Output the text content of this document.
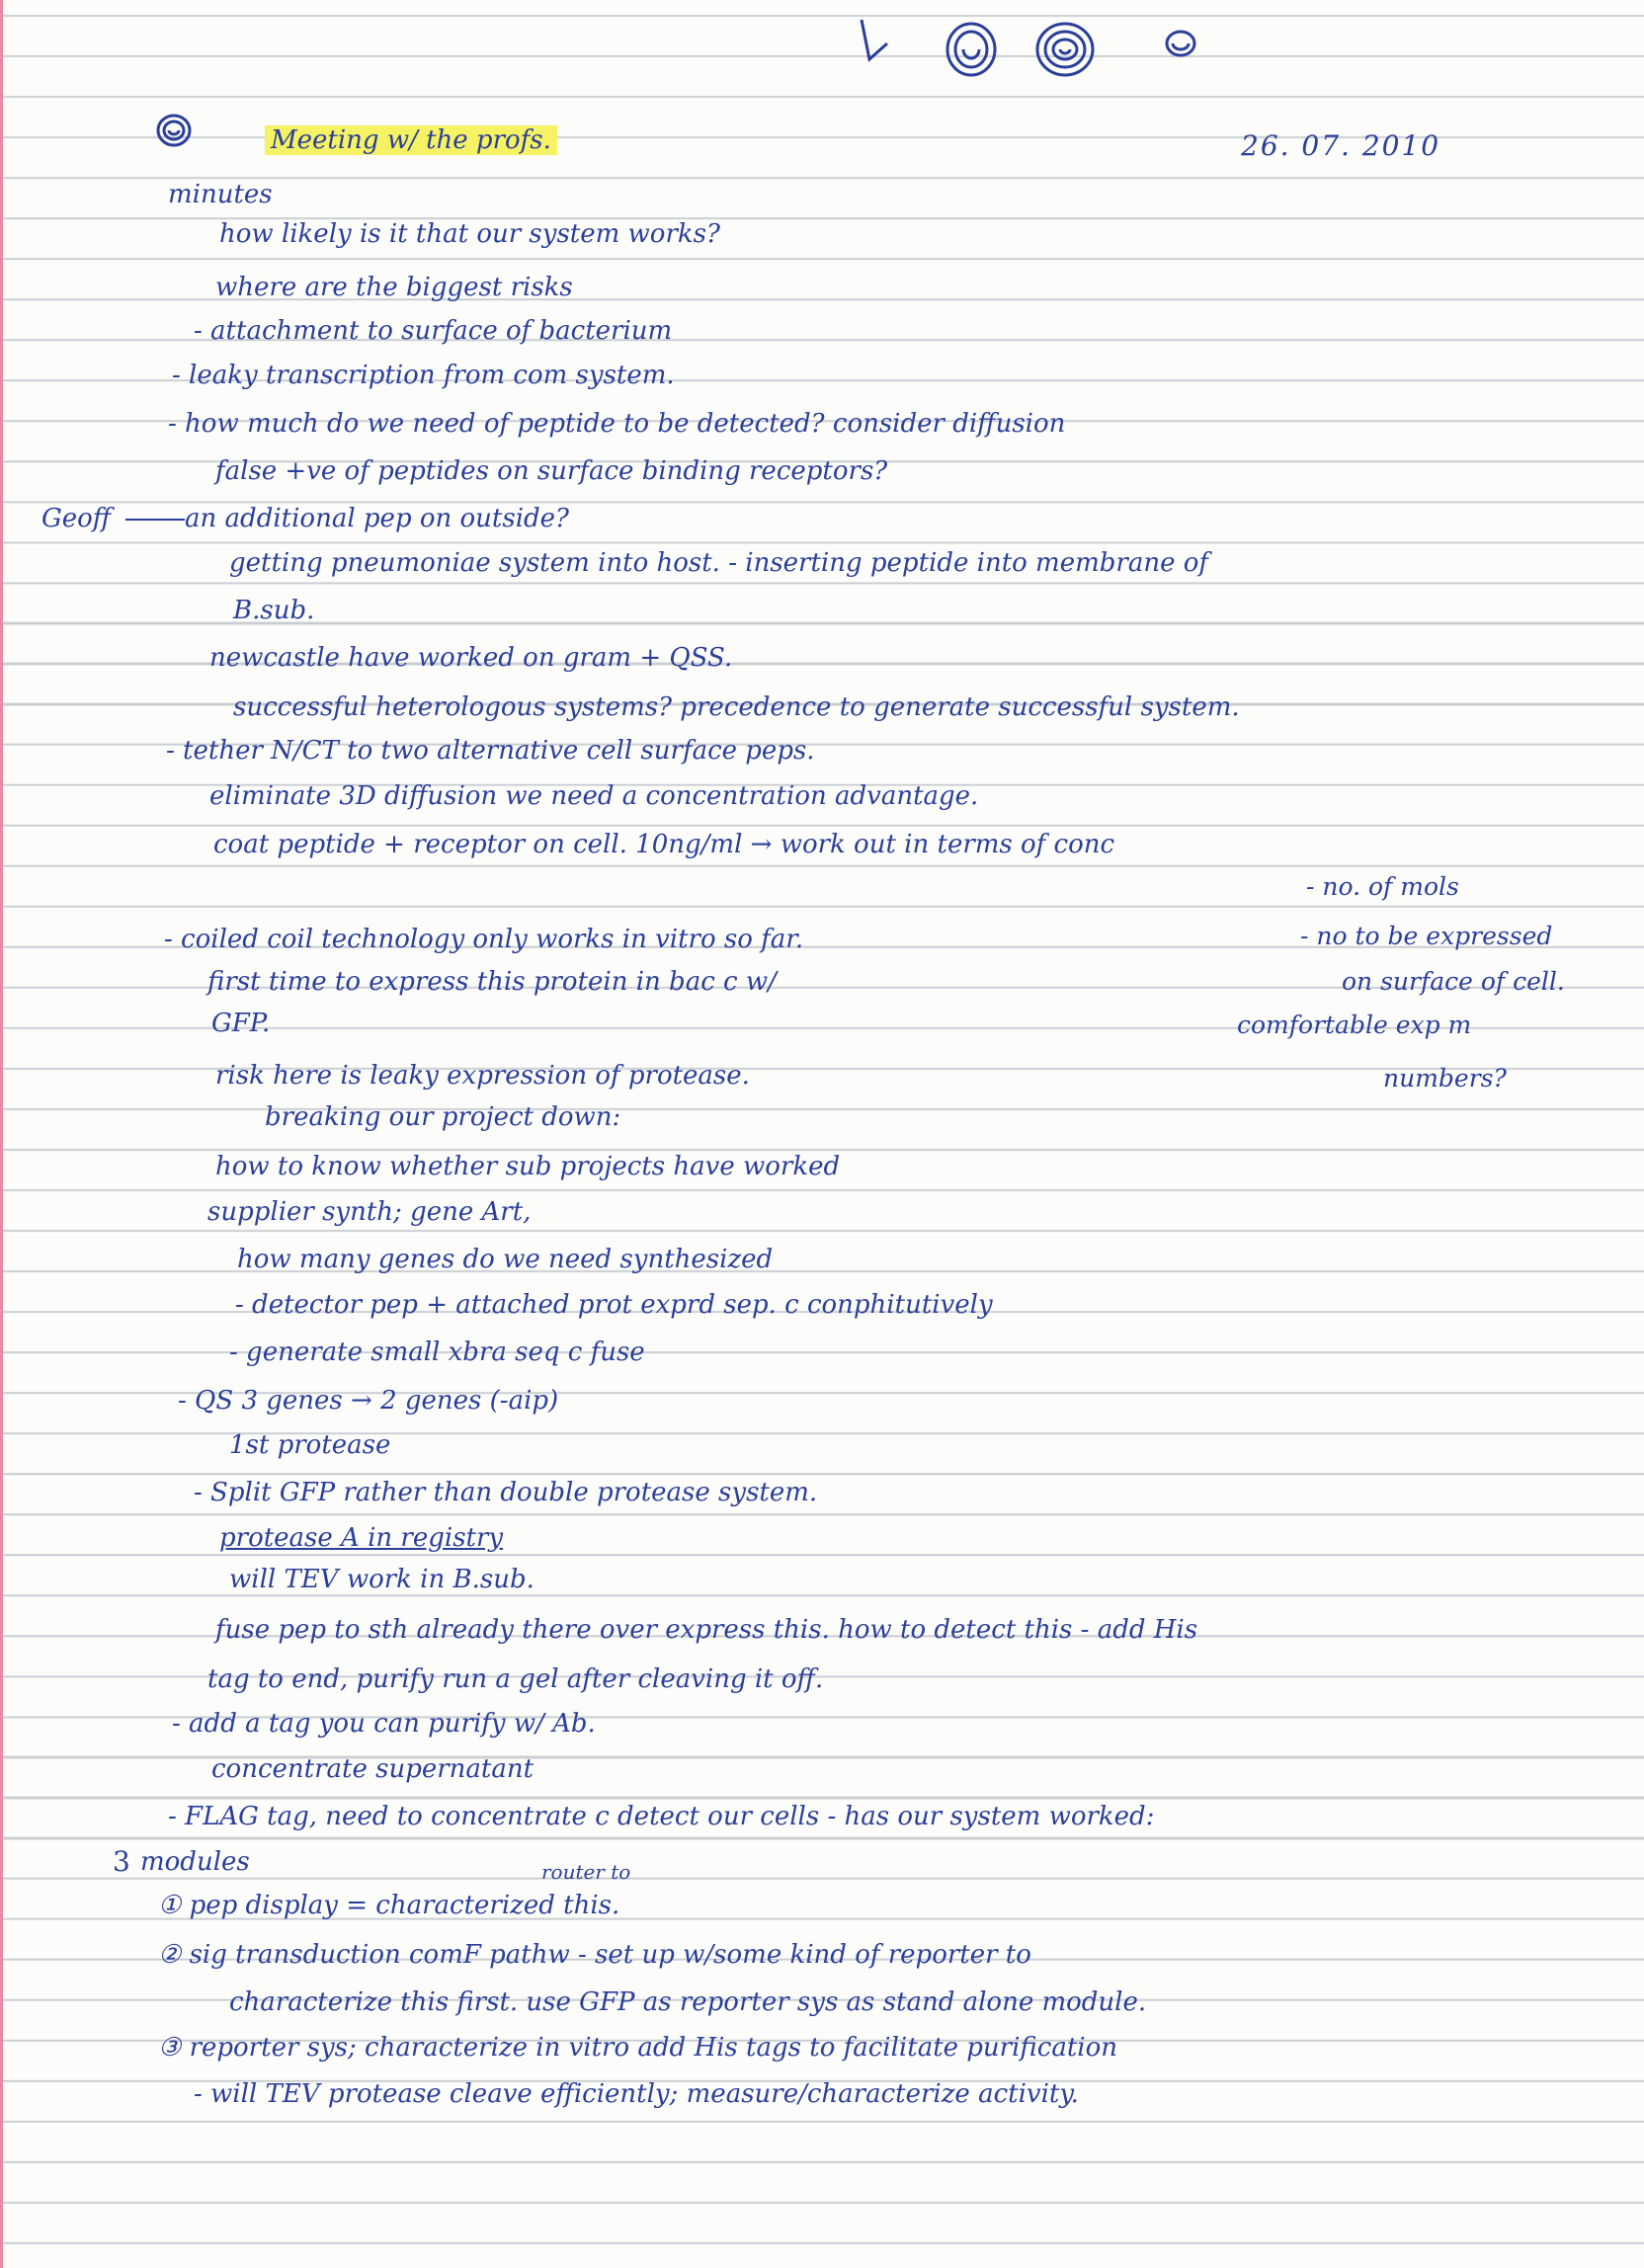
Meeting w/ the profs.	26. 07. 2010
Geoff
3
minutes
how likely is it that our system works?
where are the biggest risks
- attachment to surface of bacterium
- leaky transcription from com system.
- how much do we need of peptide to be detected? consider diffusion
false +ve of peptides on surface binding receptors?
- an additional pep on outside?
getting pneumoniae system into host. - inserting peptide into membrane of
B.sub.
newcastle have worked on gram + QSS.
successful heterologous systems? precedence to generate successful system.
- tether N/CT to two alternative cell surface peps.
eliminate 3D diffusion we need a concentration advantage.
coat peptide + receptor on cell. 10ng/ml → work out in terms of conc
- coiled coil technology only works in vitro so far.
first time to express this protein in bac c w/
GFP.
risk here is leaky expression of protease.
breaking our project down:
how to know whether sub projects have worked
supplier synth; gene Art,
how many genes do we need synthesized
- detector pep + attached prot exprd sep. c conphitutively
- generate small xbra seq c fuse
- QS 3 genes → 2 genes (-aip)
1st protease
- Split GFP rather than double protease system.
protease A in registry
will TEV work in B.sub.
fuse pep to sth already there over express this. how to detect this - add His
tag to end, purify run a gel after cleaving it off.
- add a tag you can purify w/ Ab.
concentrate supernatant
- FLAG tag, need to concentrate c detect our cells - has our system worked:
modules
① pep display = characterized this.
② sig transduction comF pathw - set up w/some kind of reporter to
characterize this first. use GFP as reporter sys as stand alone module.
③ reporter sys; characterize in vitro add His tags to facilitate purification
- will TEV protease cleave efficiently; measure/characterize activity.
router to
- no. of mols
- no to be expressed
on surface of cell.
comfortable exp m
numbers?
